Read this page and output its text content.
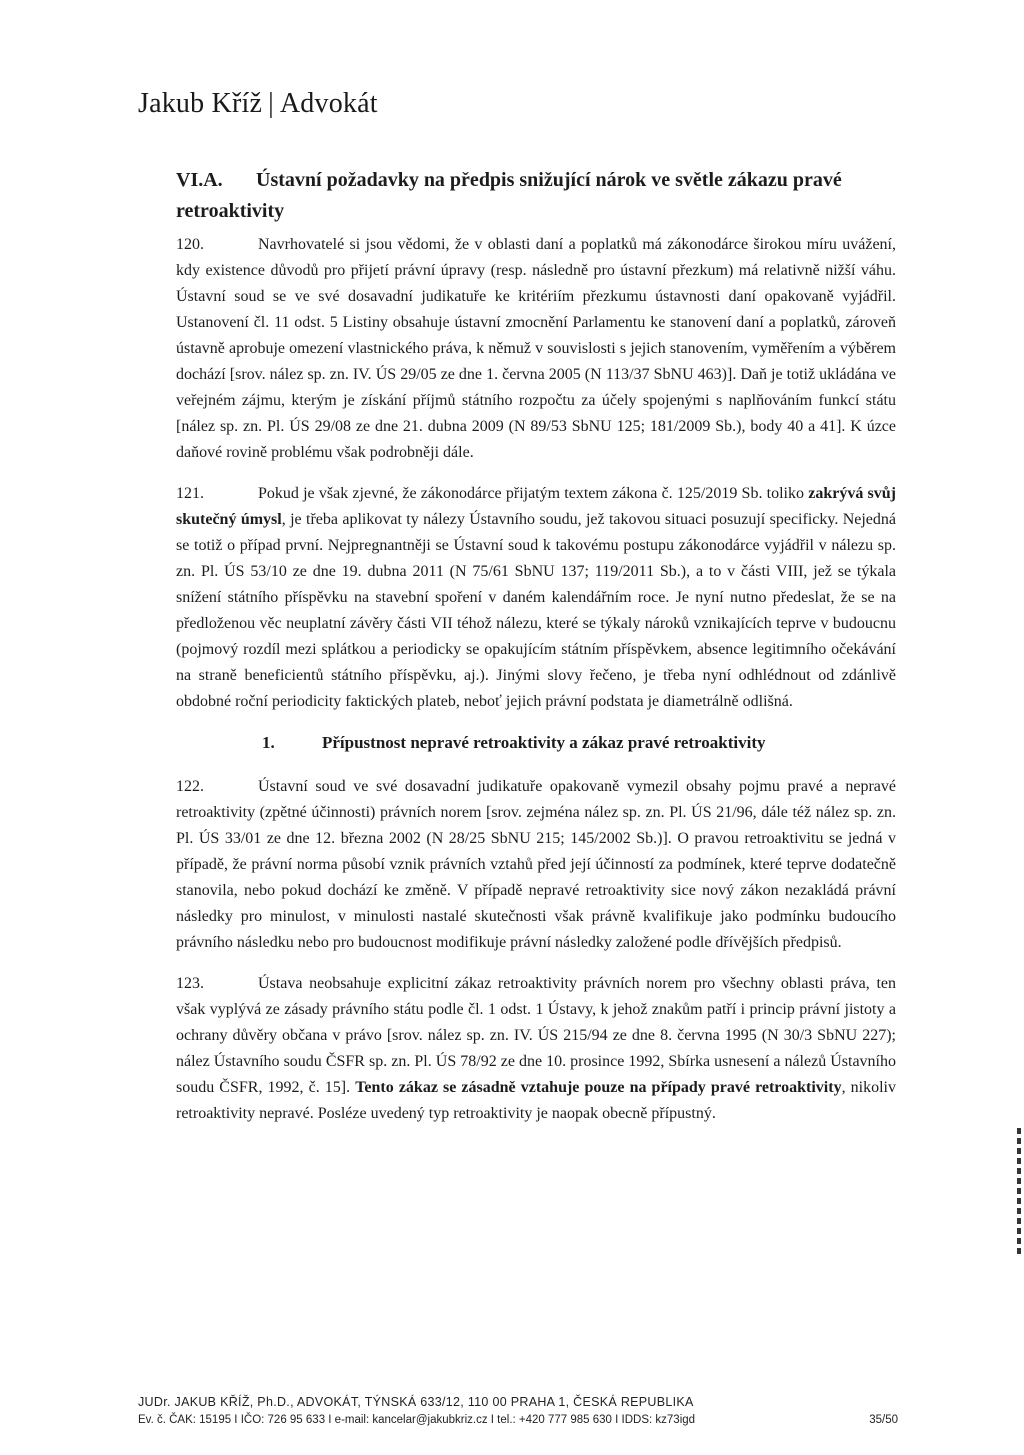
Jakub Kříž | Advokát
VI.A. Ústavní požadavky na předpis snižující nárok ve světle zákazu pravé retroaktivity

120.	Navrhovatelé si jsou vědomi, že v oblasti daní a poplatků má zákonodárce širokou míru uvážení, kdy existence důvodů pro přijetí právní úpravy (resp. následně pro ústavní přezkum) má relativně nižší váhu. Ústavní soud se ve své dosavadní judikatuře ke kritériím přezkumu ústavnosti daní opakovaně vyjádřil. Ustanovení čl. 11 odst. 5 Listiny obsahuje ústavní zmocnění Parlamentu ke stanovení daní a poplatků, zároveň ústavně aprobuje omezení vlastnického práva, k němuž v souvislosti s jejich stanovením, vyměřením a výběrem dochází [srov. nález sp. zn. IV. ÚS 29/05 ze dne 1. června 2005 (N 113/37 SbNU 463)]. Daň je totiž ukládána ve veřejném zájmu, kterým je získání příjmů státního rozpočtu za účely spojenými s naplňováním funkcí státu [nález sp. zn. Pl. ÚS 29/08 ze dne 21. dubna 2009 (N 89/53 SbNU 125; 181/2009 Sb.), body 40 a 41]. K úzce daňové rovině problému však podrobněji dále.

121.	Pokud je však zjevné, že zákonodárce přijatým textem zákona č. 125/2019 Sb. toliko zakrývá svůj skutečný úmysl, je třeba aplikovat ty nálezy Ústavního soudu, jež takovou situaci posuzují specificky. Nejedná se totiž o případ první. Nejpregnantněji se Ústavní soud k takovému postupu zákonodárce vyjádřil v nálezu sp. zn. Pl. ÚS 53/10 ze dne 19. dubna 2011 (N 75/61 SbNU 137; 119/2011 Sb.), a to v části VIII, jež se týkala snížení státního příspěvku na stavební spoření v daném kalendářním roce. Je nyní nutno předeslat, že se na předloženou věc neuplatní závěry části VII téhož nálezu, které se týkaly nároků vznikajících teprve v budoucnu (pojmový rozdíl mezi splátkou a periodicky se opakujícím státním příspěvkem, absence legitimního očekávání na straně beneficientů státního příspěvku, aj.). Jinými slovy řečeno, je třeba nyní odhlédnout od zdánlivě obdobné roční periodicity faktických plateb, neboť jejich právní podstata je diametrálně odlišná.

1.	Přípustnost nepravé retroaktivity a zákaz pravé retroaktivity

122.	Ústavní soud ve své dosavadní judikatuře opakovaně vymezil obsahy pojmu pravé a nepravé retroaktivity (zpětné účinnosti) právních norem [srov. zejména nález sp. zn. Pl. ÚS 21/96, dále též nález sp. zn. Pl. ÚS 33/01 ze dne 12. března 2002 (N 28/25 SbNU 215; 145/2002 Sb.)]. O pravou retroaktivitu se jedná v případě, že právní norma působí vznik právních vztahů před její účinností za podmínek, které teprve dodatečně stanovila, nebo pokud dochází ke změně. V případě nepravé retroaktivity sice nový zákon nezakládá právní následky pro minulost, v minulosti nastalé skutečnosti však právně kvalifikuje jako podmínku budoucího právního následku nebo pro budoucnost modifikuje právní následky založené podle dřívějších předpisů.

123.	Ústava neobsahuje explicitní zákaz retroaktivity právních norem pro všechny oblasti práva, ten však vyplývá ze zásady právního státu podle čl. 1 odst. 1 Ústavy, k jehož znakům patří i princip právní jistoty a ochrany důvěry občana v právo [srov. nález sp. zn. IV. ÚS 215/94 ze dne 8. června 1995 (N 30/3 SbNU 227); nález Ústavního soudu ČSFR sp. zn. Pl. ÚS 78/92 ze dne 10. prosince 1992, Sbírka usnesení a nálezů Ústavního soudu ČSFR, 1992, č. 15]. Tento zákaz se zásadně vztahuje pouze na případy pravé retroaktivity, nikoliv retroaktivity nepravé. Posléze uvedený typ retroaktivity je naopak obecně přípustný.

JUDr. JAKUB KŘÍŽ, Ph.D., ADVOKÁT, TÝNSKÁ 633/12, 110 00 PRAHA 1, ČESKÁ REPUBLIKA
Ev. č. ČAK: 15195 I IČO: 726 95 633 I e-mail: kancelar@jakubkriz.cz I tel.: +420 777 985 630 I IDDS: kz73igd	35/50
